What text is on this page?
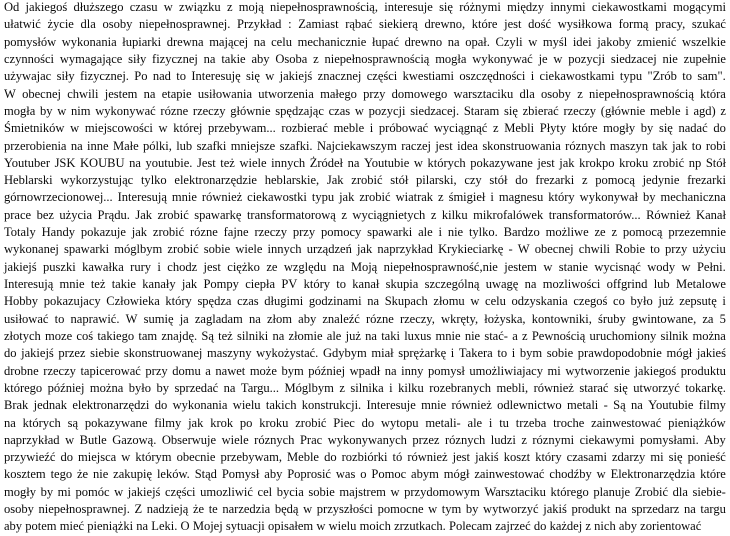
Od jakiegoś dłuższego czasu w związku z moją niepełnosprawnością, interesuje się różnymi między innymi ciekawostkami mogącymi
ułatwić życie dla osoby niepełnosprawnej. Przykład : Zamiast rąbać siekierą drewno, które jest dość wysiłkowa formą pracy, szukać
pomysłów wykonania łupiarki drewna mającej na celu mechanicznie łupać drewno na opał. Czyli w myśl idei jakoby zmienić wszelkie
czynności wymagające siły fizycznej na takie aby Osoba z niepełnosprawnością mogła wykonywać je w pozycji siedzacej nie zupełnie
używajac siły fizycznej. Po nad to Interesuję się w jakiejś znacznej części kwestiami oszczędności i ciekawostkami typu "Zrób to sam".
W obecnej chwili jestem na etapie usiłowania utworzenia małego przy domowego warsztaciku dla osoby z niepełnosprawnością która
mogła by w nim wykonywać rózne rzeczy głównie spędzając czas w pozycji siedzacej. Staram się zbierać rzeczy (głównie meble i agd) z
Śmietników w miejscowości w której przebywam... rozbierać meble i próbować wyciągnąć z Mebli Płyty które mogły by się nadać do
przerobienia na inne Małe pólki, lub szafki mniejsze szafki. Najciekawszym raczej jest idea skonstruowania róznych maszyn tak jak to robi
Youtuber JSK KOUBU na youtubie. Jest też wiele innych Żródeł na Youtubie w których pokazywane jest jak krokpo kroku zrobić np Stół
Heblarski wykorzystując tylko elektronarzędzie heblarskie, Jak zrobić stół pilarski, czy stół do frezarki z pomocą jedynie frezarki
górnowrzecionowej... Interesują mnie również ciekawostki typu jak zrobić wiatrak z śmigieł i magnesu który wykonywał by mechaniczna
prace bez użycia Prądu. Jak zrobić spawarkę transformatorową z wyciągnietych z kilku mikrofalówek transformatorów... Również Kanał
Totaly Handy pokazuje jak zrobić rózne fajne rzeczy przy pomocy spawarki ale i nie tylko. Bardzo możliwe ze z pomocą przezemnie
wykonanej spawarki móglbym zrobić sobie wiele innych urządzeń jak naprzykład Krykieciarkę - W obecnej chwili Robie to przy użyciu
jakiejś puszki kawałka rury i chodz jest ciężko ze względu na Moją niepełnosprawność,nie jestem w stanie wycisnąć wody w Pełni.
Interesują mnie też takie kanały jak Pompy ciepła PV który to kanał skupia szczególną uwagę na mozliwości offgrind lub Metalowe
Hobby pokazujacy Człowieka który spędza czas długimi godzinami na Skupach złomu w celu odzyskania czegoś co było już zepsutę i
usiłować to naprawić. W sumię ja zagladam na złom aby znaleźć rózne rzeczy, wkręty, łożyska, kontowniki, śruby gwintowane, za 5
złotych moze coś takiego tam znajdę. Są też silniki na złomie ale już na taki luxus mnie nie stać- a z Pewnością uruchomiony silnik można
do jakiejś przez siebie skonstruowanej maszyny wykożystać. Gdybym miał sprężarkę i Takera to i bym sobie prawdopodobnie mógł jakieś
drobne rzeczy tapicerować przy domu a nawet może bym później wpadł na inny pomysł umożliwiajacy mi wytworzenie jakiegoś produktu
którego później można było by sprzedać na Targu... Móglbym z silnika i kilku rozebranych mebli, również starać się utworzyć tokarkę.
Brak jednak elektronarzędzi do wykonania wielu takich konstrukcji. Interesuje mnie również odlewnictwo metali - Są na Youtubie filmy
na których są pokazywane filmy jak krok po kroku zrobić Piec do wytopu metali- ale i tu trzeba troche zainwestować pieniążków
naprzykład w Butle Gazową. Obserwuje wiele róznych Prac wykonywanych przez róznych ludzi z róznymi ciekawymi pomysłami. Aby
przywieźć do miejsca w którym obecnie przebywam, Meble do rozbiórki tó również jest jakiś koszt który czasami zdarzy mi się ponieść
kosztem tego że nie zakupię leków. Stąd Pomysł aby Poprosić was o Pomoc abym mógł zainwestować chodźby w Elektronarzędzia które
mogły by mi pomóc w jakiejś części umozliwić cel bycia sobie majstrem w przydomowym Warsztaciku którego planuje Zrobić dla siebie-
osoby niepełnosprawnej. Z nadzieją że te narzedzia będą w przyszłości pomocne w tym by wytworzyć jakiś produkt na sprzedarz na targu
aby potem mieć pieniążki na Leki. O Mojej sytuacji opisałem w wielu moich zrzutkach. Polecam zajrzeć do każdej z nich aby zorientować
